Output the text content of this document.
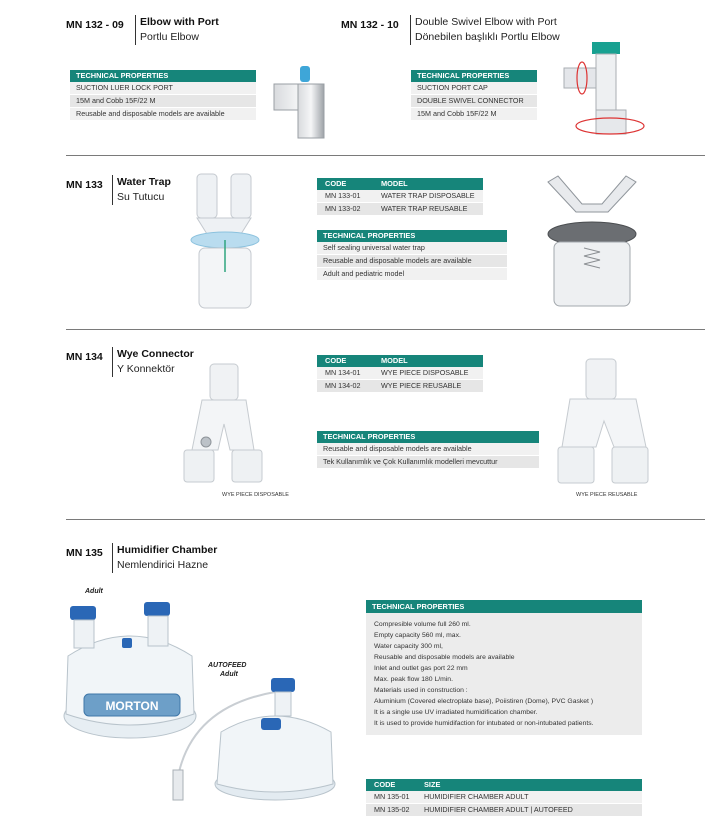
MN 132 - 09 Elbow with Port
Portlu Elbow
TECHNICAL PROPERTIES
SUCTION LUER LOCK PORT
15M and Cobb 15F/22 M
Reusable and disposable models are available
MN 132 - 10 Double Swivel Elbow with Port
Dönebilen başlıklı Portlu Elbow
TECHNICAL PROPERTIES
SUCTION PORT CAP
DOUBLE SWIVEL CONNECTOR
15M and Cobb 15F/22 M
MN 133 Water Trap
Su Tutucu
CODE	MODEL
MN 133-01	WATER TRAP DISPOSABLE
MN 133-02	WATER TRAP REUSABLE
TECHNICAL PROPERTIES
Self sealing universal water trap
Reusable and disposable models are available
Adult and pediatric model
MN 134 Wye Connector
Y Konnektör
CODE	MODEL
MN 134-01	WYE PIECE DISPOSABLE
MN 134-02	WYE PIECE REUSABLE
TECHNICAL PROPERTIES
Reusable and disposable models are available
Tek Kullanımlık ve Çok Kullanımlık modelleri mevcuttur
WYE PIECE DISPOSABLE	WYE PIECE REUSABLE
MN 135 Humidifier Chamber
Nemlendirici Hazne
Adult
AUTOFEED
Adult
MORTON
TECHNICAL PROPERTIES
Compresible volume full 260 ml.
Empty capacity 560 ml, max.
Water capacity 300 ml,
Reusable and disposable models are available
Inlet and outlet gas port 22 mm
Max. peak flow 180 L/min.
Materials used in construction :
Aluminium (Covered electroplate base), Poiistiren (Dome), PVC Gasket )
It is a single use UV irradiated humidification chamber.
It is used to provide humidifaction for intubated or non-intubated patients.
CODE	SIZE
MN 135-01	HUMIDIFIER CHAMBER ADULT
MN 135-02	HUMIDIFIER CHAMBER ADULT | AUTOFEED
